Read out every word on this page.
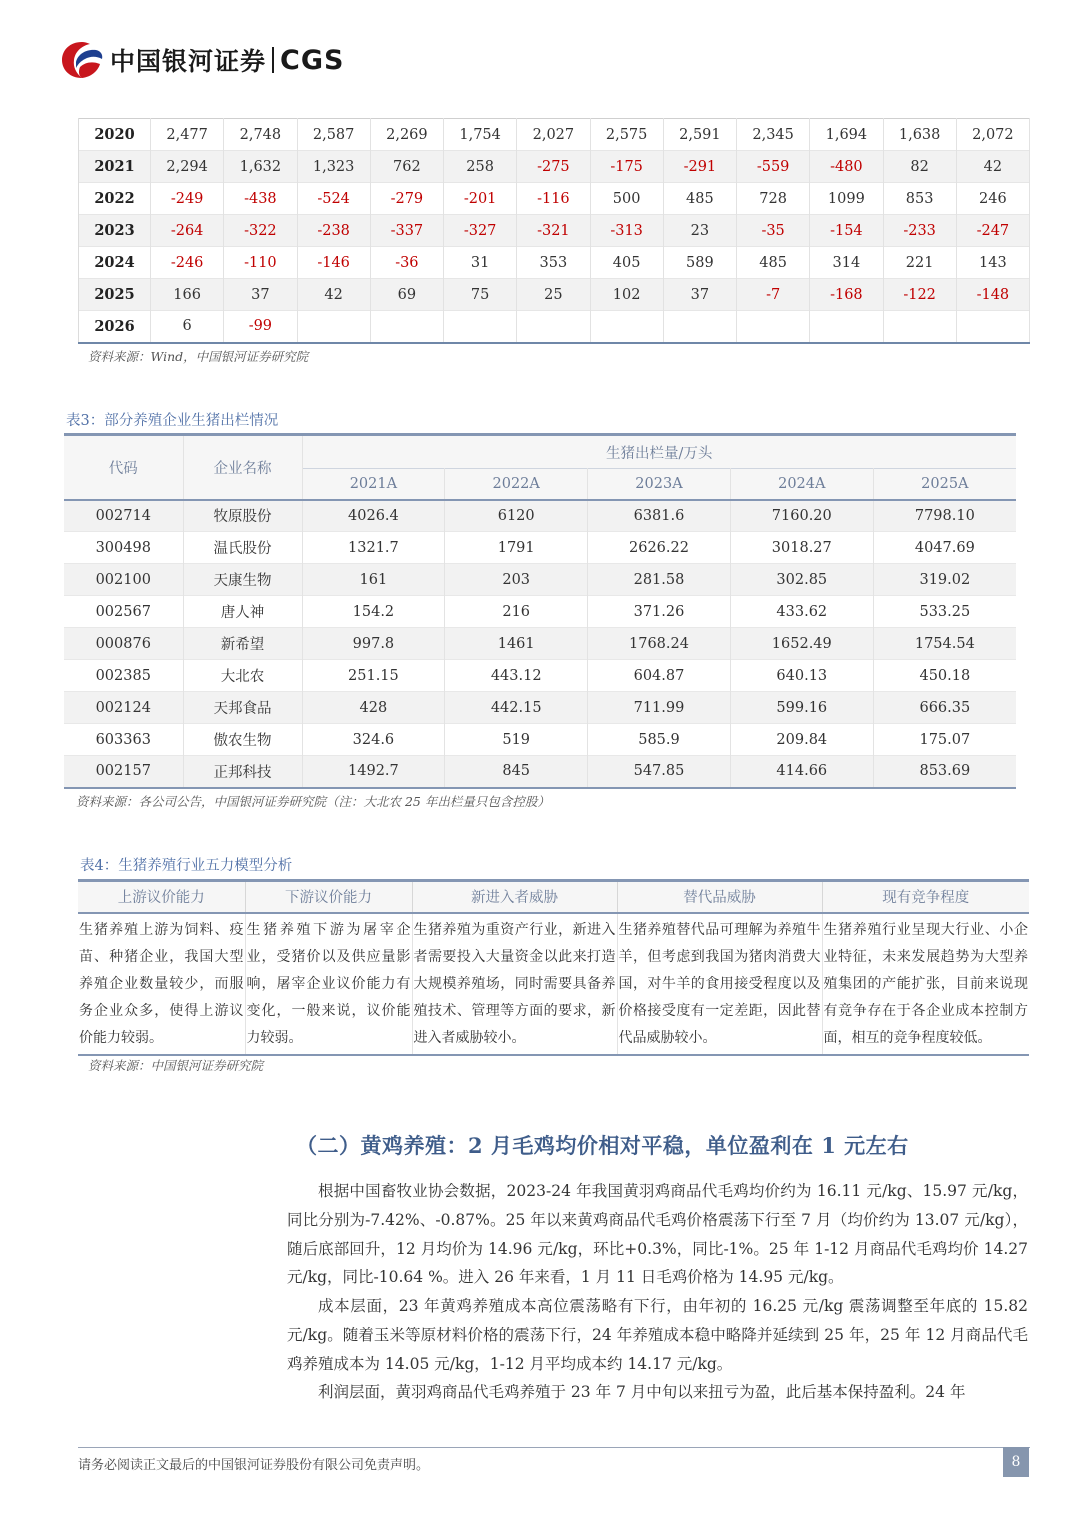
中国银河证券 CGS
2020	2,477	2,748	2,587	2,269	1,754	2,027	2,575	2,591	2,345	1,694	1,638	2,072
2021	2,294	1,632	1,323	762	258	-275	-175	-291	-559	-480	82	42
2022	-249	-438	-524	-279	-201	-116	500	485	728	1099	853	246
2023	-264	-322	-238	-337	-327	-321	-313	23	-35	-154	-233	-247
2024	-246	-110	-146	-36	31	353	405	589	485	314	221	143
2025	166	37	42	69	75	25	102	37	-7	-168	-122	-148
2026	6	-99										
资料来源：Wind，中国银河证券研究院
表3：部分养殖企业生猪出栏情况
代码	企业名称	生猪出栏量/万头				
		2021A	2022A	2023A	2024A	2025A
002714	牧原股份	4026.4	6120	6381.6	7160.20	7798.10
300498	温氏股份	1321.7	1791	2626.22	3018.27	4047.69
002100	天康生物	161	203	281.58	302.85	319.02
002567	唐人神	154.2	216	371.26	433.62	533.25
000876	新希望	997.8	1461	1768.24	1652.49	1754.54
002385	大北农	251.15	443.12	604.87	640.13	450.18
002124	天邦食品	428	442.15	711.99	599.16	666.35
603363	傲农生物	324.6	519	585.9	209.84	175.07
002157	正邦科技	1492.7	845	547.85	414.66	853.69
资料来源：各公司公告，中国银河证券研究院（注：大北农 25 年出栏量只包含控股）
表4：生猪养殖行业五力模型分析
上游议价能力	下游议价能力	新进入者威胁	替代品威胁	现有竞争程度
生猪养殖上游为饲料、疫苗、种猪企业，我国大型养殖企业数量较少，而服务企业众多，使得上游议价能力较弱。	生猪养殖下游为屠宰企业，受猪价以及供应量影响，屠宰企业议价能力有变化，一般来说，议价能力较弱。	生猪养殖为重资产行业，新进入者需要投入大量资金以此来打造大规模养殖场，同时需要具备养殖技术、管理等方面的要求，新进入者威胁较小。	生猪养殖替代品可理解为养殖牛羊，但考虑到我国为猪肉消费大国，对牛羊的食用接受程度以及价格接受度有一定差距，因此替代品威胁较小。	生猪养殖行业呈现大行业、小企业特征，未来发展趋势为大型养殖集团的产能扩张，目前来说现有竞争存在于各企业成本控制方面，相互的竞争程度较低。
资料来源：中国银河证券研究院
（二）黄鸡养殖：2 月毛鸡均价相对平稳，单位盈利在 1 元左右

根据中国畜牧业协会数据，2023-24 年我国黄羽鸡商品代毛鸡均价约为 16.11 元/kg、15.97 元/kg，同比分别为-7.42%、-0.87%。25 年以来黄鸡商品代毛鸡价格震荡下行至 7 月（均价约为 13.07 元/kg），随后底部回升，12 月均价为 14.96 元/kg，环比+0.3%，同比-1%。25 年 1-12 月商品代毛鸡均价 14.27 元/kg，同比-10.64 %。进入 26 年来看，1 月 11 日毛鸡价格为 14.95 元/kg。

成本层面，23 年黄鸡养殖成本高位震荡略有下行，由年初的 16.25 元/kg 震荡调整至年底的 15.82 元/kg。随着玉米等原材料价格的震荡下行，24 年养殖成本稳中略降并延续到 25 年，25 年 12 月商品代毛鸡养殖成本为 14.05 元/kg，1-12 月平均成本约 14.17 元/kg。

利润层面，黄羽鸡商品代毛鸡养殖于 23 年 7 月中旬以来扭亏为盈，此后基本保持盈利。24 年

请务必阅读正文最后的中国银河证券股份有限公司免责声明。	8
